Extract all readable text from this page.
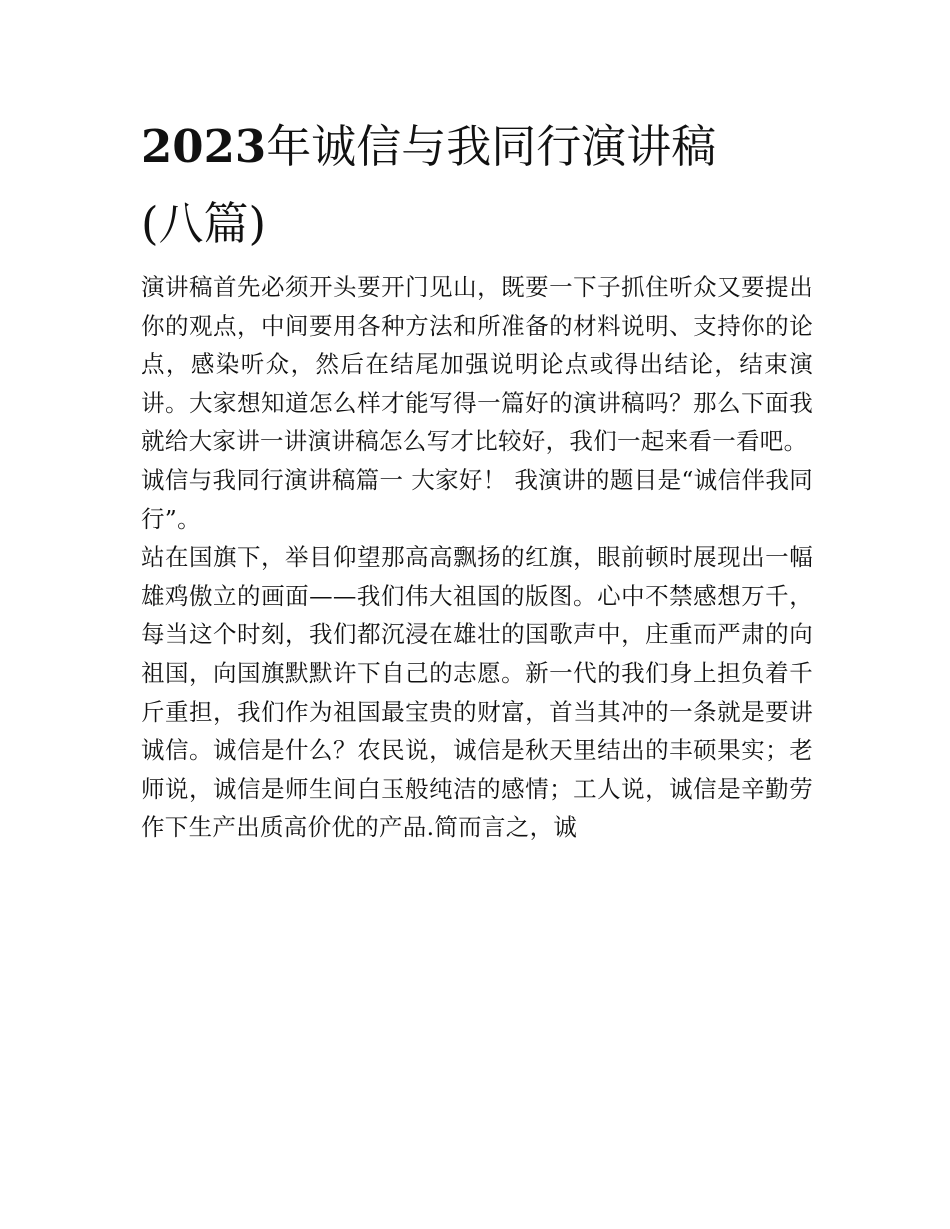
2023年诚信与我同行演讲稿
(八篇)

演讲稿首先必须开头要开门见山，既要一下子抓住听众又要提出你的观点，中间要用各种方法和所准备的材料说明、支持你的论点，感染听众，然后在结尾加强说明论点或得出结论，结束演讲。大家想知道怎么样才能写得一篇好的演讲稿吗？那么下面我就给大家讲一讲演讲稿怎么写才比较好，我们一起来看一看吧。

诚信与我同行演讲稿篇一 大家好！ 我演讲的题目是“诚信伴我同行”。

站在国旗下，举目仰望那高高飘扬的红旗，眼前顿时展现出一幅雄鸡傲立的画面——我们伟大祖国的版图。心中不禁感想万千，每当这个时刻，我们都沉浸在雄壮的国歌声中，庄重而严肃的向祖国，向国旗默默许下自己的志愿。新一代的我们身上担负着千斤重担，我们作为祖国最宝贵的财富，首当其冲的一条就是要讲诚信。诚信是什么？农民说，诚信是秋天里结出的丰硕果实；老师说，诚信是师生间白玉般纯洁的感情；工人说，诚信是辛勤劳作下生产出质高价优的产品.简而言之，诚
